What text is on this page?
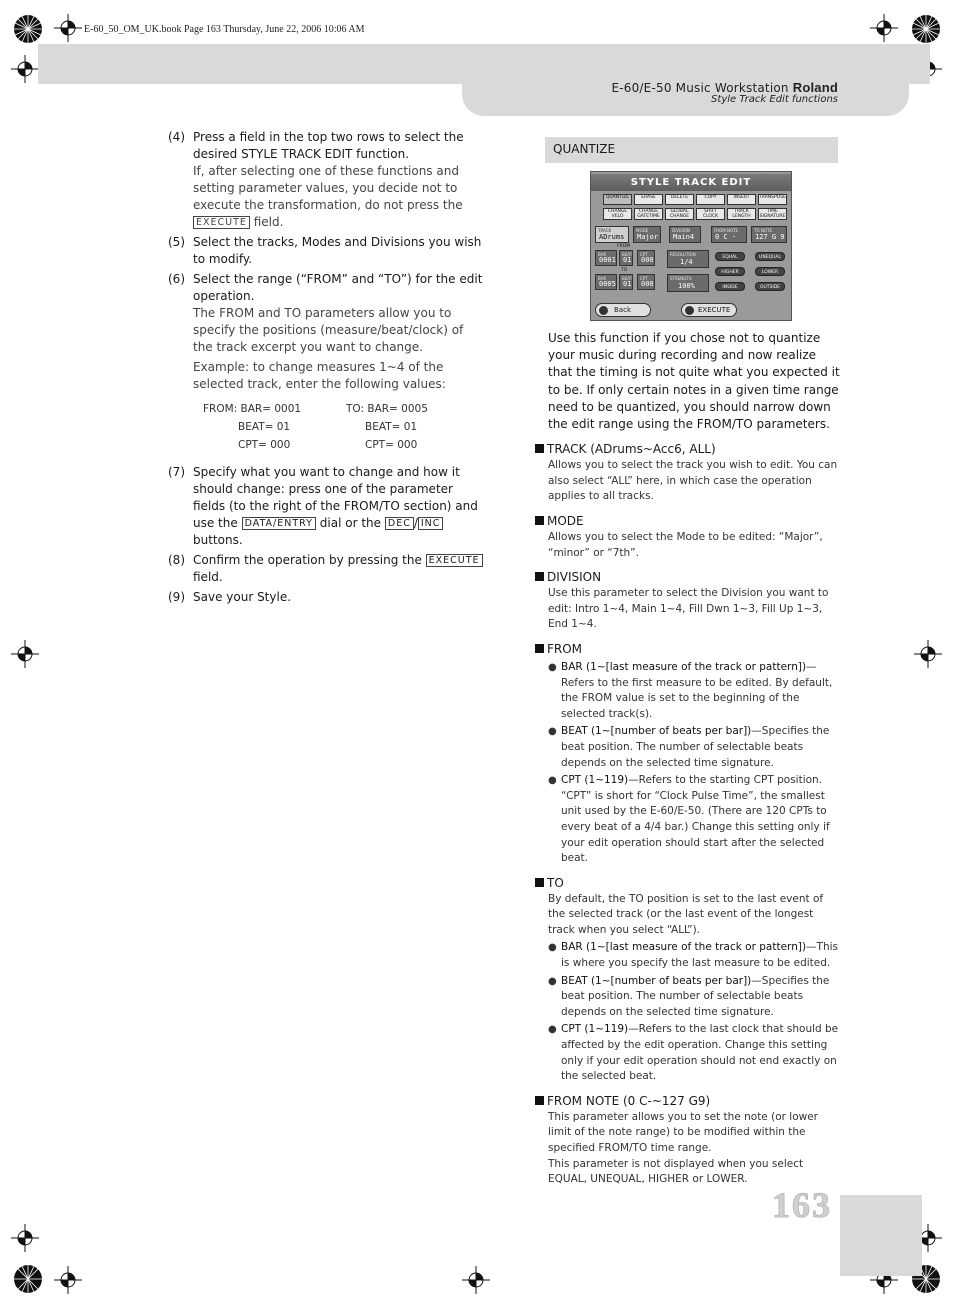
E-60_50_OM_UK.book Page 163 Thursday, June 22, 2006 10:06 AM
E-60/E-50 Music Workstation Roland
Style Track Edit functions
(4) Press a field in the top two rows to select the desired STYLE TRACK EDIT function.
If, after selecting one of these functions and setting parameter values, you decide not to execute the transformation, do not press the EXECUTE field.
(5) Select the tracks, Modes and Divisions you wish to modify.
(6) Select the range (“FROM” and “TO”) for the edit operation.
The FROM and TO parameters allow you to specify the positions (measure/beat/clock) of the track excerpt you want to change.
Example: to change measures 1~4 of the selected track, enter the following values:
FROM: BAR= 0001	TO: BAR= 0005
BEAT= 01	BEAT= 01
CPT= 000	CPT= 000
(7) Specify what you want to change and how it should change: press one of the parameter fields (to the right of the FROM/TO section) and use the DATA/ENTRY dial or the DEC / INC buttons.
(8) Confirm the operation by pressing the EXECUTE field.
(9) Save your Style.
QUANTIZE
STYLE TRACK EDIT
QUANTIZE	ERASE	DELETE	COPY	INSERT	TRANSPOSE
CHANGE VELO
CHANGE GATETIME
GLOBAL CHANGE
SHIFT CLOCK
TRACK LENGTH
TIME SIGNATURE
TRACK
ADrums
MODE
Major
DIVISION
Main4
FROM NOTE
0 C -
TO NOTE
127 G 9
FROM
BAR
0001
BEAT
01
CPT
000
TO
BAR
0005
BEAT
01
CPT
000
RESOLUTION
1/4
STRENGTH
100%
EQUAL	UNEQUAL
HIGHER	LOWER
INSIDE	OUTSIDE
Back	EXECUTE
Use this function if you chose not to quantize your music during recording and now realize that the timing is not quite what you expected it to be. If only certain notes in a given time range need to be quantized, you should narrow down the edit range using the FROM/TO parameters.
TRACK (ADrums~Acc6, ALL)
Allows you to select the track you wish to edit. You can also select “ALL” here, in which case the operation applies to all tracks.
MODE
Allows you to select the Mode to be edited: “Major”, “minor” or “7th”.
DIVISION
Use this parameter to select the Division you want to edit: Intro 1~4, Main 1~4, Fill Dwn 1~3, Fill Up 1~3, End 1~4.
FROM
● BAR (1~[last measure of the track or pattern])—Refers to the first measure to be edited. By default, the FROM value is set to the beginning of the selected track(s).
● BEAT (1~[number of beats per bar])—Specifies the beat position. The number of selectable beats depends on the selected time signature.
● CPT (1~119)—Refers to the starting CPT position. “CPT” is short for “Clock Pulse Time”, the smallest unit used by the E-60/E-50. (There are 120 CPTs to every beat of a 4/4 bar.) Change this setting only if your edit operation should start after the selected beat.
TO
By default, the TO position is set to the last event of the selected track (or the last event of the longest track when you select “ALL”).
● BAR (1~[last measure of the track or pattern])—This is where you specify the last measure to be edited.
● BEAT (1~[number of beats per bar])—Specifies the beat position. The number of selectable beats depends on the selected time signature.
● CPT (1~119)—Refers to the last clock that should be affected by the edit operation. Change this setting only if your edit operation should not end exactly on the selected beat.
FROM NOTE (0 C-~127 G9)
This parameter allows you to set the note (or lower limit of the note range) to be modified within the specified FROM/TO time range.
This parameter is not displayed when you select EQUAL, UNEQUAL, HIGHER or LOWER.
163
